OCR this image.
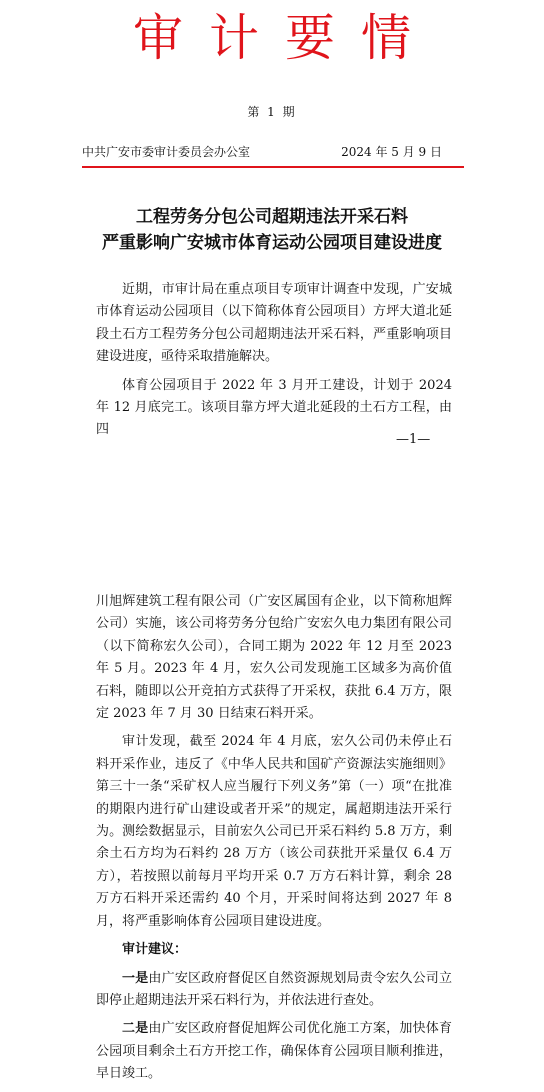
审计要情
第 1 期
中共广安市委审计委员会办公室	2024 年 5 月 9 日
工程劳务分包公司超期违法开采石料
严重影响广安城市体育运动公园项目建设进度

近期，市审计局在重点项目专项审计调查中发现，广安城市体育运动公园项目（以下简称体育公园项目）方坪大道北延段土石方工程劳务分包公司超期违法开采石料，严重影响项目建设进度，亟待采取措施解决。

体育公园项目于 2022 年 3 月开工建设，计划于 2024 年 12 月底完工。该项目靠方坪大道北延段的土石方工程，由四

—1—

川旭辉建筑工程有限公司（广安区属国有企业，以下简称旭辉公司）实施，该公司将劳务分包给广安宏久电力集团有限公司（以下简称宏久公司），合同工期为 2022 年 12 月至 2023 年 5 月。2023 年 4 月，宏久公司发现施工区域多为高价值石料，随即以公开竞拍方式获得了开采权，获批 6.4 万方，限定 2023 年 7 月 30 日结束石料开采。

审计发现，截至 2024 年 4 月底，宏久公司仍未停止石料开采作业，违反了《中华人民共和国矿产资源法实施细则》第三十一条“采矿权人应当履行下列义务”第（一）项“在批准的期限内进行矿山建设或者开采”的规定，属超期违法开采行为。测绘数据显示，目前宏久公司已开采石料约 5.8 万方，剩余土石方均为石料约 28 万方（该公司获批开采量仅 6.4 万方），若按照以前每月平均开采 0.7 万方石料计算，剩余 28 万方石料开采还需约 40 个月，开采时间将达到 2027 年 8 月，将严重影响体育公园项目建设进度。

审计建议：

一是由广安区政府督促区自然资源规划局责令宏久公司立即停止超期违法开采石料行为，并依法进行查处。

二是由广安区政府督促旭辉公司优化施工方案，加快体育公园项目剩余土石方开挖工作，确保体育公园项目顺利推进，早日竣工。
